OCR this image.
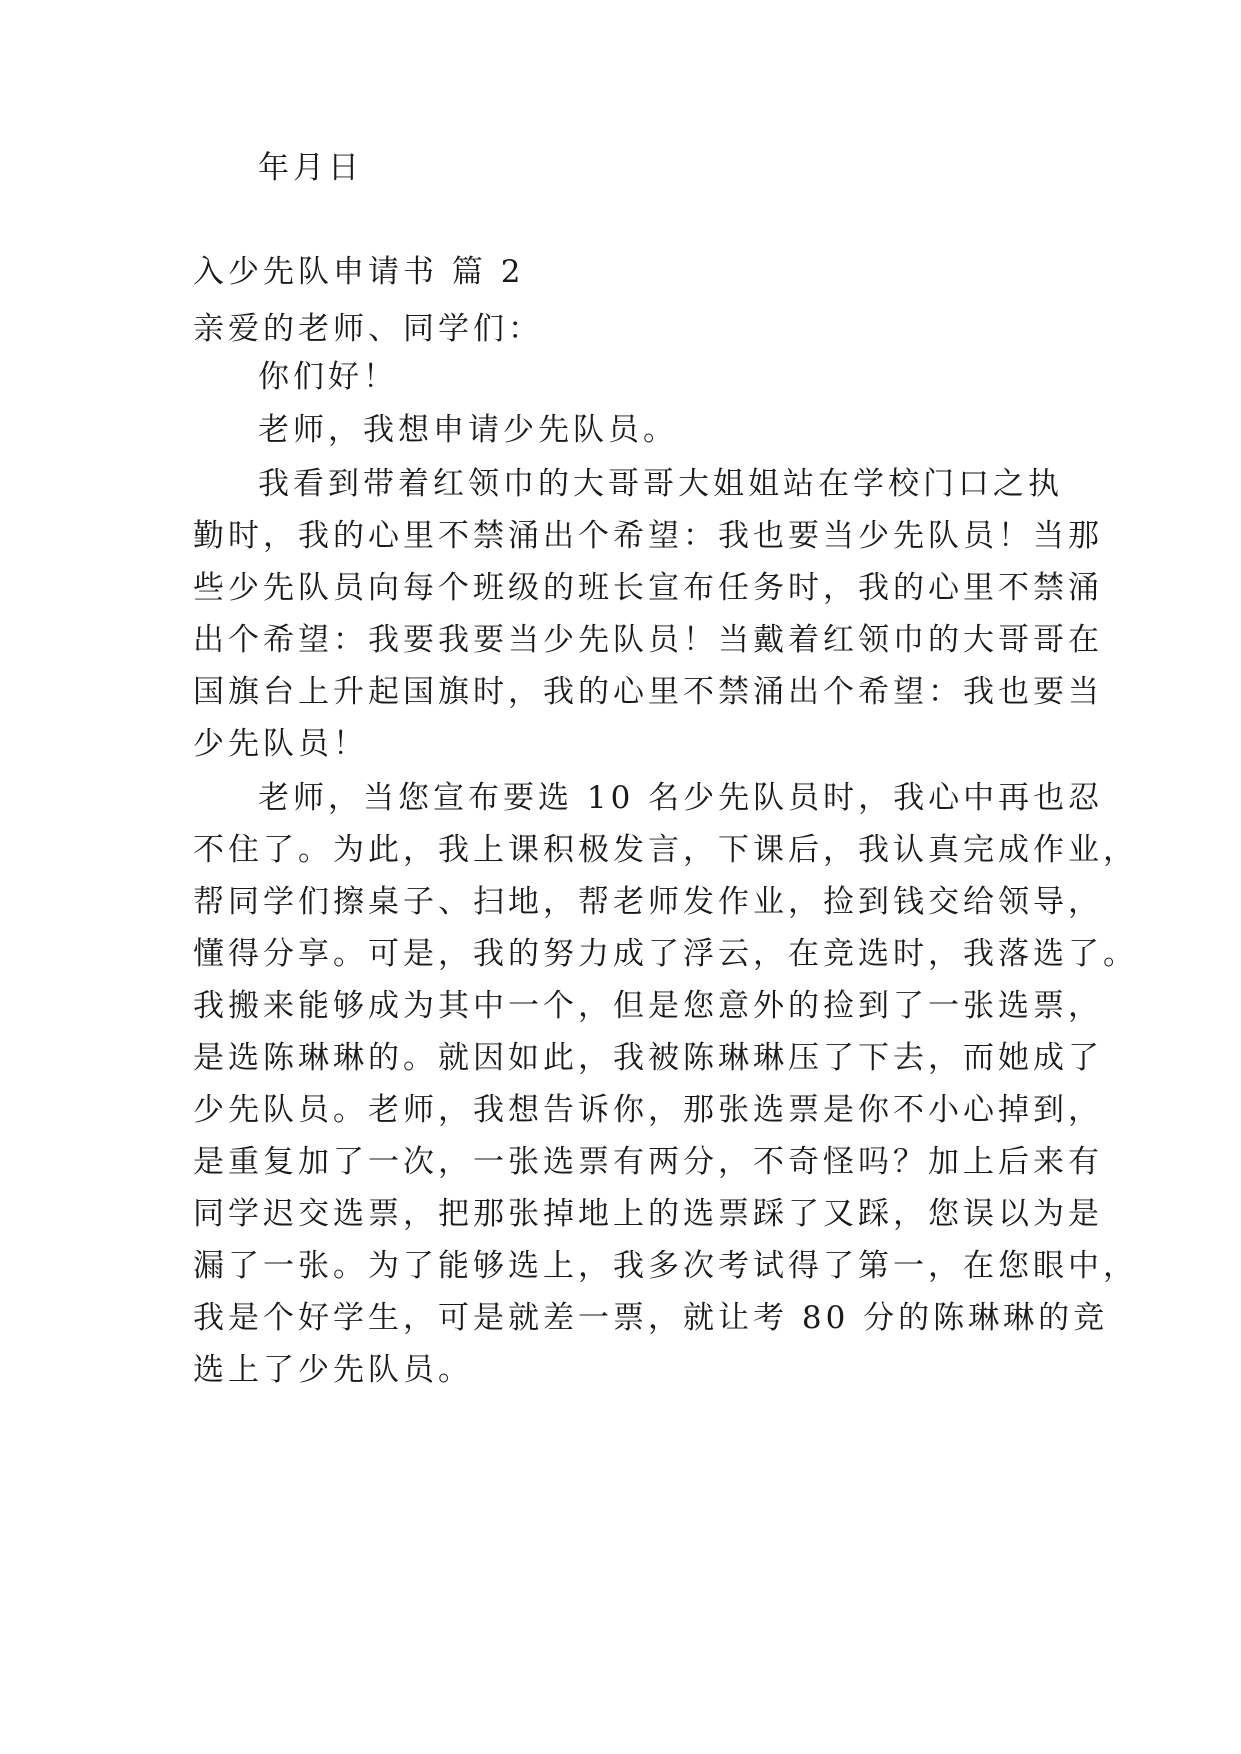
年月日
入少先队申请书 篇 2
亲爱的老师、同学们：
你们好！
老师，我想申请少先队员。
我看到带着红领巾的大哥哥大姐姐站在学校门口之执
勤时，我的心里不禁涌出个希望：我也要当少先队员！当那
些少先队员向每个班级的班长宣布任务时，我的心里不禁涌
出个希望：我要我要当少先队员！当戴着红领巾的大哥哥在
国旗台上升起国旗时，我的心里不禁涌出个希望：我也要当
少先队员！
老师，当您宣布要选 10 名少先队员时，我心中再也忍
不住了。为此，我上课积极发言，下课后，我认真完成作业，
帮同学们擦桌子、扫地，帮老师发作业，捡到钱交给领导，
懂得分享。可是，我的努力成了浮云，在竞选时，我落选了。
我搬来能够成为其中一个，但是您意外的捡到了一张选票，
是选陈琳琳的。就因如此，我被陈琳琳压了下去，而她成了
少先队员。老师，我想告诉你，那张选票是你不小心掉到，
是重复加了一次，一张选票有两分，不奇怪吗？加上后来有
同学迟交选票，把那张掉地上的选票踩了又踩，您误以为是
漏了一张。为了能够选上，我多次考试得了第一，在您眼中，
我是个好学生，可是就差一票，就让考 80 分的陈琳琳的竞
选上了少先队员。
